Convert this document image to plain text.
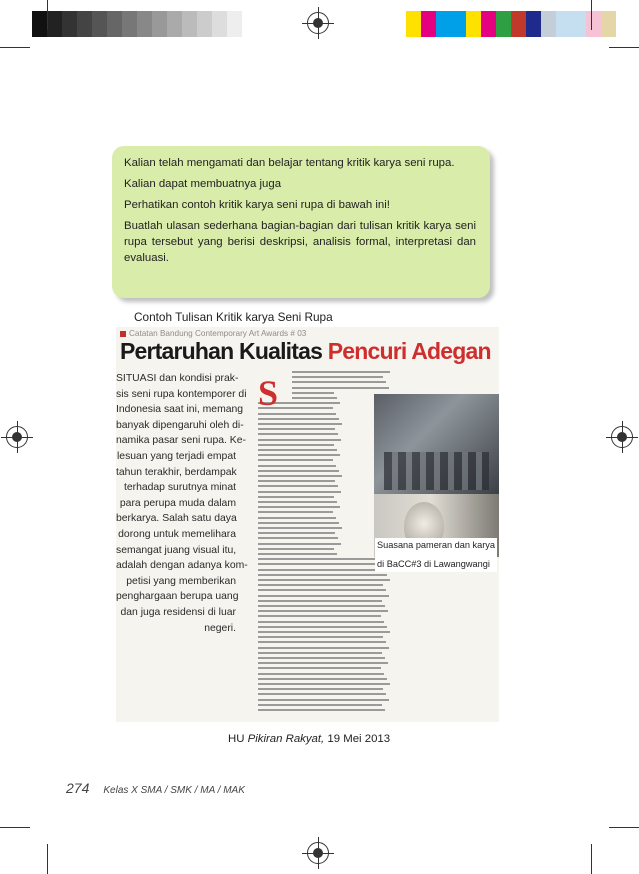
Kalian telah mengamati dan belajar tentang kritik karya seni rupa.

Kalian dapat membuatnya juga

Perhatikan contoh kritik karya seni rupa di bawah ini!

Buatlah ulasan sederhana bagian-bagian dari tulisan kritik karya seni rupa tersebut yang berisi deskripsi, analisis formal, interpretasi dan evaluasi.

Contoh Tulisan Kritik karya Seni Rupa
Catatan Bandung Contemporary Art Awards # 03
Pertaruhan Kualitas Pencuri Adegan
SITUASI dan kondisi prak-
sis seni rupa kontemporer di
Indonesia saat ini, memang
banyak dipengaruhi oleh di-
namika pasar seni rupa. Ke-
lesuan yang terjadi empat
tahun terakhir, berdampak
terhadap surutnya minat
para perupa muda dalam
berkarya. Salah satu daya
dorong untuk memelihara
semangat juang visual itu,
adalah dengan adanya kom-
petisi yang memberikan
penghargaan berupa uang
dan juga residensi di luar
negeri.
S
Suasana pameran dan karya
di BaCC#3 di Lawangwangi
HU Pikiran Rakyat, 19 Mei 2013
274 Kelas X SMA / SMK / MA / MAK
